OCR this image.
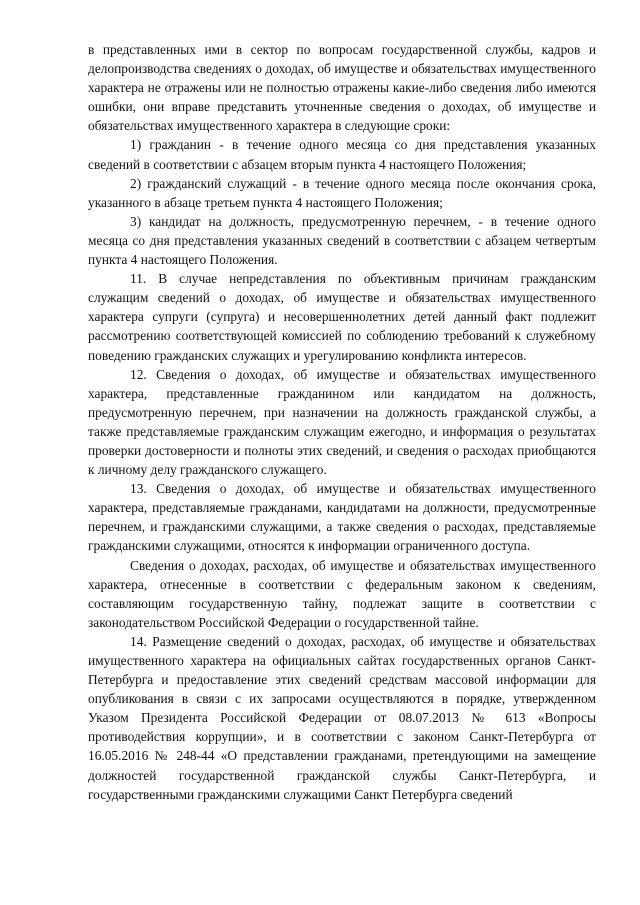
в представленных ими в сектор по вопросам государственной службы, кадров и делопроизводства сведениях о доходах, об имуществе и обязательствах имущественного характера не отражены или не полностью отражены какие-либо сведения либо имеются ошибки, они вправе представить уточненные сведения о доходах, об имуществе и обязательствах имущественного характера в следующие сроки:

1) гражданин - в течение одного месяца со дня представления указанных сведений в соответствии с абзацем вторым пункта 4 настоящего Положения;

2) гражданский служащий - в течение одного месяца после окончания срока, указанного в абзаце третьем пункта 4 настоящего Положения;

3) кандидат на должность, предусмотренную перечнем, - в течение одного месяца со дня представления указанных сведений в соответствии с абзацем четвертым пункта 4 настоящего Положения.

11. В случае непредставления по объективным причинам гражданским служащим сведений о доходах, об имуществе и обязательствах имущественного характера супруги (супруга) и несовершеннолетних детей данный факт подлежит рассмотрению соответствующей комиссией по соблюдению требований к служебному поведению гражданских служащих и урегулированию конфликта интересов.

12. Сведения о доходах, об имуществе и обязательствах имущественного характера, представленные гражданином или кандидатом на должность, предусмотренную перечнем, при назначении на должность гражданской службы, а также представляемые гражданским служащим ежегодно, и информация о результатах проверки достоверности и полноты этих сведений, и сведения о расходах приобщаются к личному делу гражданского служащего.

13. Сведения о доходах, об имуществе и обязательствах имущественного характера, представляемые гражданами, кандидатами на должности, предусмотренные перечнем, и гражданскими служащими, а также сведения о расходах, представляемые гражданскими служащими, относятся к информации ограниченного доступа.

Сведения о доходах, расходах, об имуществе и обязательствах имущественного характера, отнесенные в соответствии с федеральным законом к сведениям, составляющим государственную тайну, подлежат защите в соответствии с законодательством Российской Федерации о государственной тайне.

14. Размещение сведений о доходах, расходах, об имуществе и обязательствах имущественного характера на официальных сайтах государственных органов Санкт-Петербурга и предоставление этих сведений средствам массовой информации для опубликования в связи с их запросами осуществляются в порядке, утвержденном Указом Президента Российской Федерации от 08.07.2013 № 613 «Вопросы противодействия коррупции», и в соответствии с законом Санкт-Петербурга от 16.05.2016 № 248-44 «О представлении гражданами, претендующими на замещение должностей государственной гражданской службы Санкт-Петербурга, и государственными гражданскими служащими Санкт Петербурга сведений
